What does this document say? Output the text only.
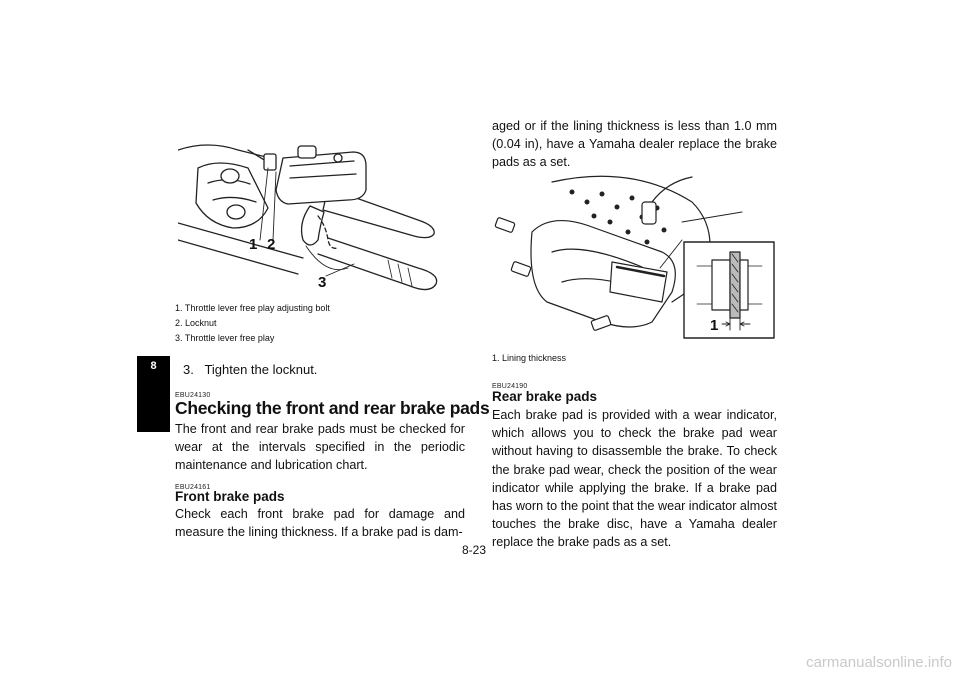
8
1 2
3
1. Throttle lever free play adjusting bolt
2. Locknut
3. Throttle lever free play
3.   Tighten the locknut.
EBU24130
Checking the front and rear brake pads
The front and rear brake pads must be checked for wear at the intervals specified in the periodic maintenance and lubrication chart.
EBU24161
Front brake pads
Check each front brake pad for damage and measure the lining thickness. If a brake pad is dam-
aged or if the lining thickness is less than 1.0 mm (0.04 in), have a Yamaha dealer replace the brake pads as a set.
1
1. Lining thickness
EBU24190
Rear brake pads
Each brake pad is provided with a wear indicator, which allows you to check the brake pad wear without having to disassemble the brake. To check the brake pad wear, check the position of the wear indicator while applying the brake. If a brake pad has worn to the point that the wear indicator almost touches the brake disc, have a Yamaha dealer replace the brake pads as a set.
8-23
carmanualsonline.info
